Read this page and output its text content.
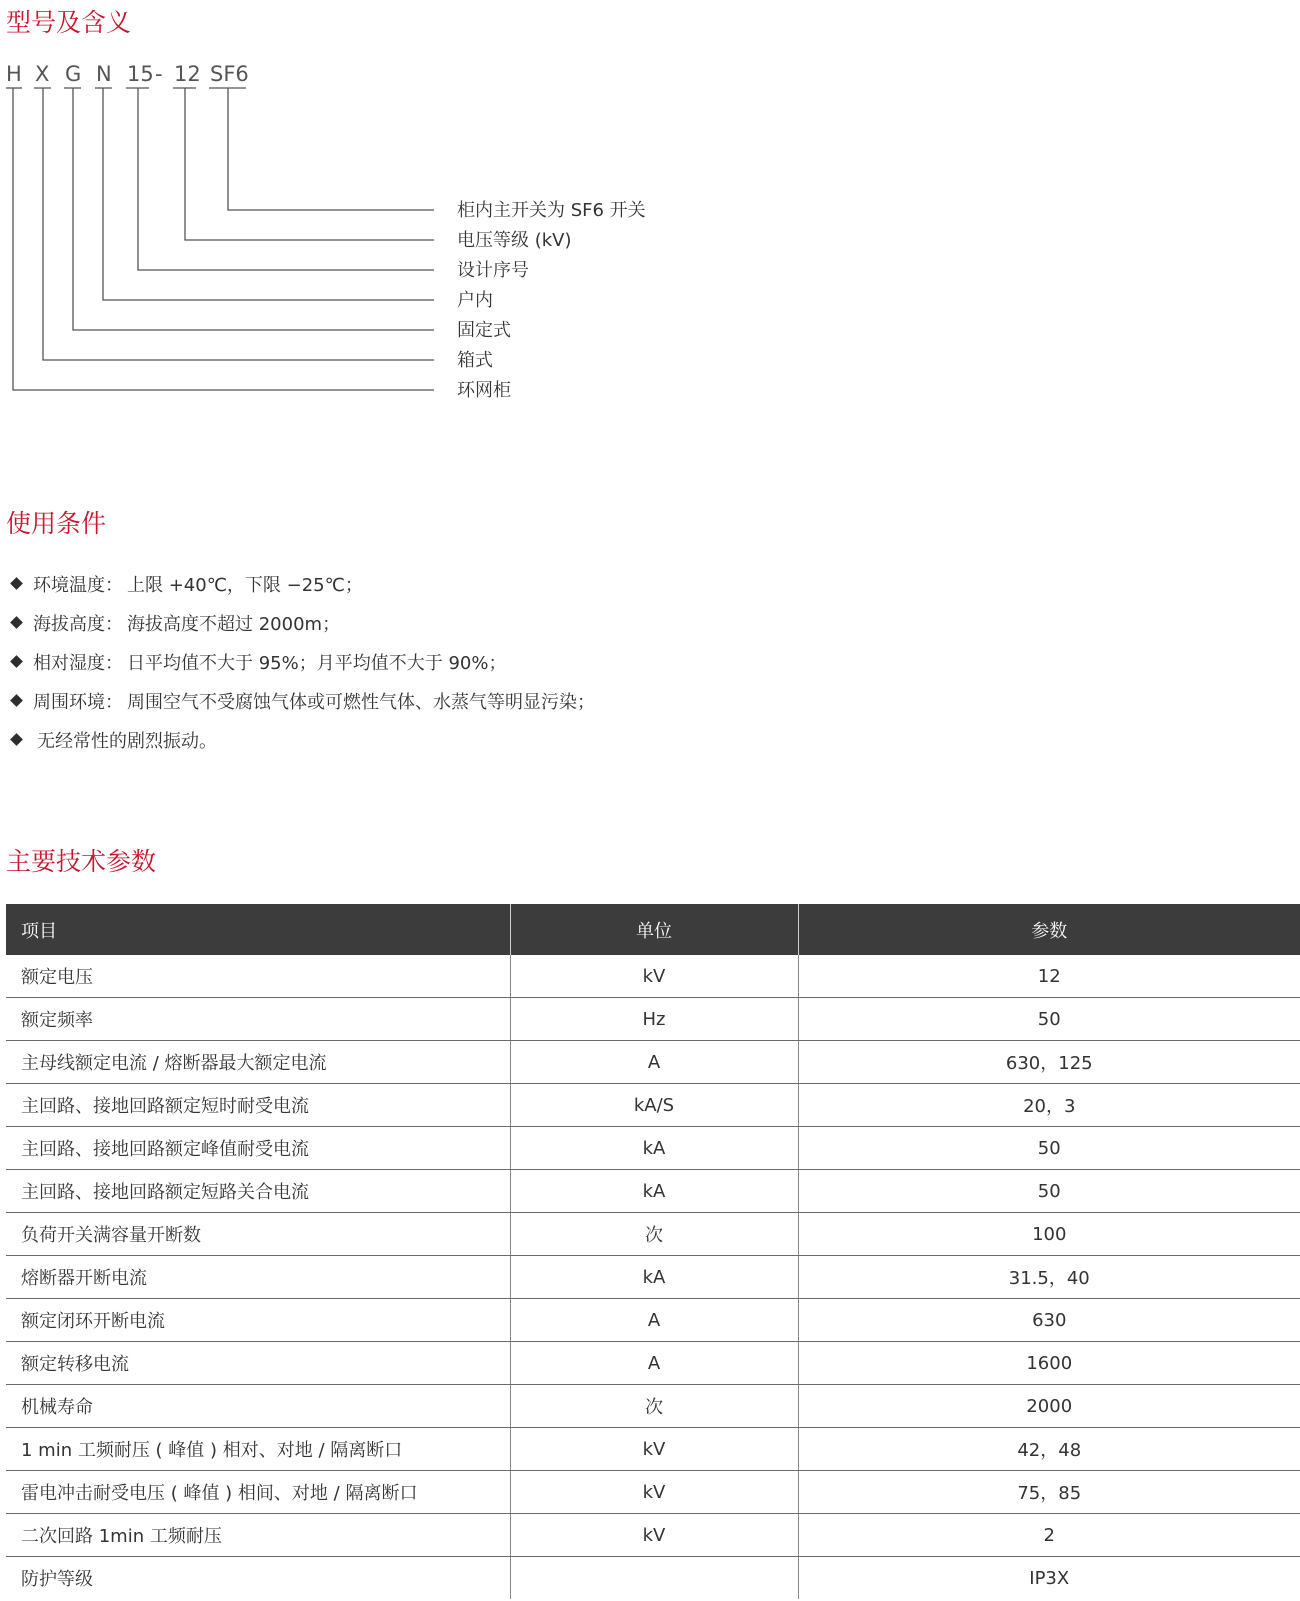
型号及含义
H X G N 15 - 12 SF6
柜内主开关为 SF6 开关
电压等级 (kV)
设计序号
户内
固定式
箱式
环网柜
使用条件
环境温度： 上限 +40℃，下限 −25℃；
海拔高度： 海拔高度不超过 2000m；
相对湿度： 日平均值不大于 95%；月平均值不大于 90%；
周围环境： 周围空气不受腐蚀气体或可燃性气体、水蒸气等明显污染；
无经常性的剧烈振动。
主要技术参数
项目	单位	参数
额定电压	kV	12
额定频率	Hz	50
主母线额定电流 / 熔断器最大额定电流	A	630，125
主回路、接地回路额定短时耐受电流	kA/S	20，3
主回路、接地回路额定峰值耐受电流	kA	50
主回路、接地回路额定短路关合电流	kA	50
负荷开关满容量开断数	次	100
熔断器开断电流	kA	31.5，40
额定闭环开断电流	A	630
额定转移电流	A	1600
机械寿命	次	2000
1 min 工频耐压 ( 峰值 ) 相对、对地 / 隔离断口	kV	42，48
雷电冲击耐受电压 ( 峰值 ) 相间、对地 / 隔离断口	kV	75，85
二次回路 1min 工频耐压	kV	2
防护等级		IP3X
